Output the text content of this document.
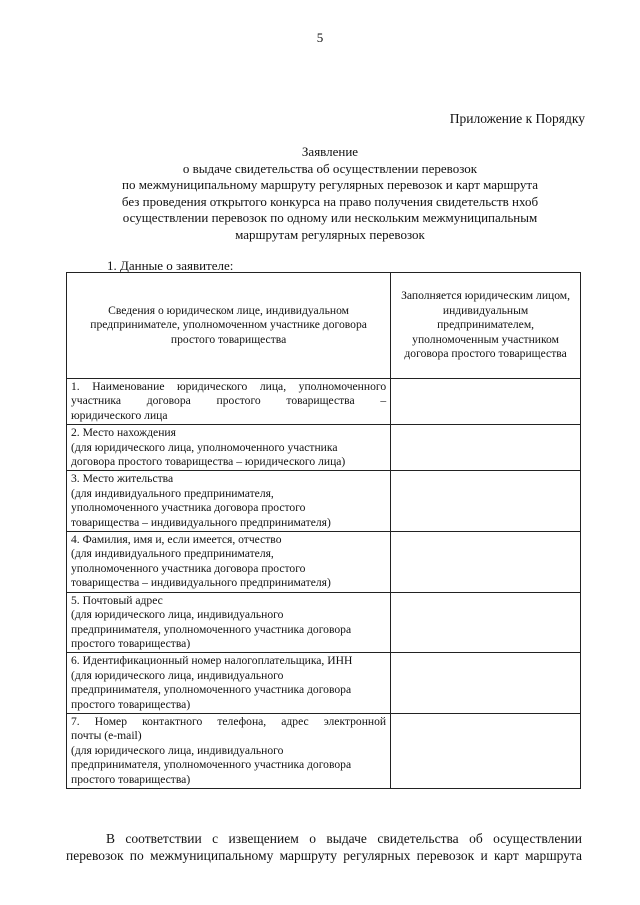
5
Приложение к Порядку
Заявление
о выдаче свидетельства об осуществлении перевозок
по межмуниципальному маршруту регулярных перевозок и карт маршрута
без проведения открытого конкурса на право получения свидетельств нхоб
осуществлении перевозок по одному или нескольким межмуниципальным
маршрутам регулярных перевозок
1. Данные о заявителе:
Сведения о юридическом лице, индивидуальном предпринимателе, уполномоченном участнике договора простого товарищества	Заполняется юридическим лицом, индивидуальным предпринимателем, уполномоченным участником договора простого товарищества

1. Наименование юридического лица, уполномоченного
участника договора простого товарищества –
юридического лица	

2. Место нахождения
(для юридического лица, уполномоченного участника
договора простого товарищества – юридического лица)	

3. Место жительства
(для индивидуального предпринимателя,
уполномоченного участника договора простого
товарищества – индивидуального предпринимателя)	

4. Фамилия, имя и, если имеется, отчество
(для индивидуального предпринимателя,
уполномоченного участника договора простого
товарищества – индивидуального предпринимателя)	

5. Почтовый адрес
(для юридического лица, индивидуального
предпринимателя, уполномоченного участника договора
простого товарищества)	

6. Идентификационный номер налогоплательщика, ИНН
(для юридического лица, индивидуального
предпринимателя, уполномоченного участника договора
простого товарищества)	

7. Номер контактного телефона, адрес электронной
почты (e-mail)
(для юридического лица, индивидуального
предпринимателя, уполномоченного участника договора
простого товарищества)	

В соответствии с извещением о выдаче свидетельства об осуществлении
перевозок по межмуниципальному маршруту регулярных перевозок и карт маршрута
